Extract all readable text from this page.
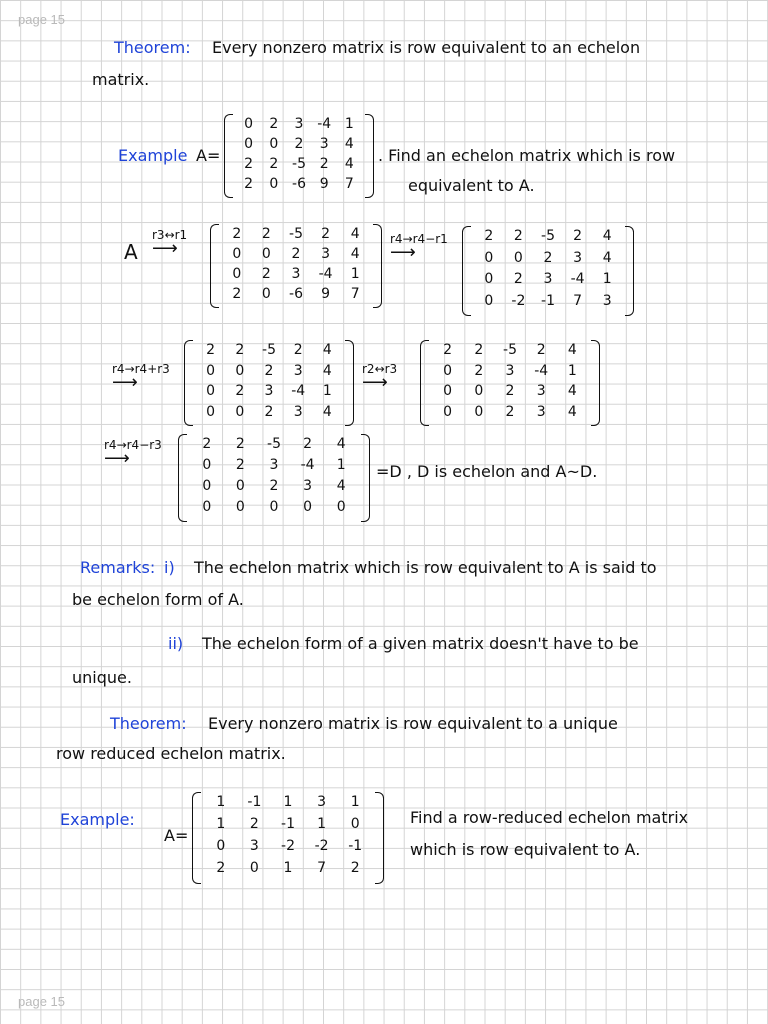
page 15
Theorem: Every nonzero matrix is row equivalent to an echelon
matrix.
Example A=
0	2	3 -4 1
0	0	2	3	4
2	2 -5 2	4
2	0 -6 9	7
. Find an echelon matrix which is row
equivalent to A.
A
r3↔r1
⟶
2	2	-5	2	4
0	0	2	3	4
0	2	3	-4	1
2	0	-6	9	7
r4→r4−r1
⟶
2	2	-5	2	4
0	0	2	3	4
0	2	3	-4	1
0	-2	-1	7	3
r4→r4+r3
⟶
2	2	-5	2	4
0	0	2	3	4
0	2	3	-4	1
0	0	2	3	4
r2↔r3
⟶
2	2	-5	2	4
0	2	3	-4	1
0	0	2	3	4
0	0	2	3	4
r4→r4−r3
⟶
2	2	-5	2	4
0	2	3	-4	1
0	0	2	3	4
0	0	0	0	0
=D , D is echelon and A~D.
Remarks: i) The echelon matrix which is row equivalent to A is said to
be echelon form of A.
ii) The echelon form of a given matrix doesn't have to be
unique.
Theorem: Every nonzero matrix is row equivalent to a unique
row reduced echelon matrix.
Example:
A=
1	-1	1	3	1
1	2	-1	1	0
0	3	-2	-2	-1
2	0	1	7	2
Find a row-reduced echelon matrix
which is row equivalent to A.
page 15
